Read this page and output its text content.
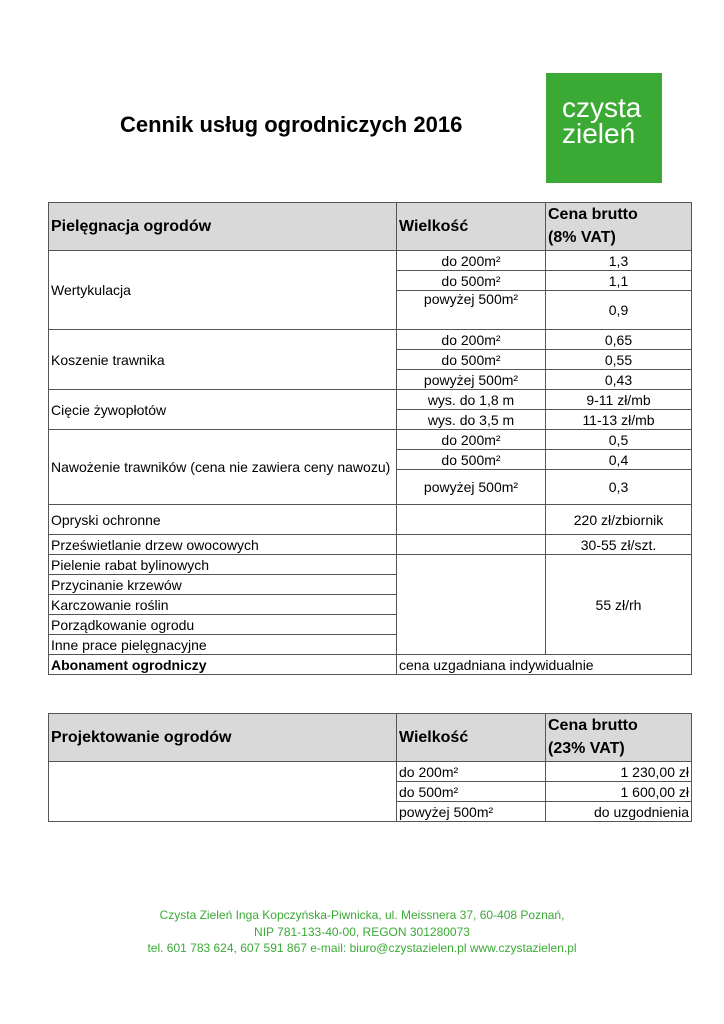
Cennik usług ogrodniczych 2016
czysta
zieleń
Pielęgnacja ogrodów	Wielkość	Cena brutto
(8% VAT)

Wertykulacja	do 200m²	1,3
	do 500m²	1,1
	powyżej 500m²	0,9
Koszenie trawnika	do 200m²	0,65
	do 500m²	0,55
	powyżej 500m²	0,43
Cięcie żywopłotów	wys. do 1,8 m	9-11 zł/mb
	wys. do 3,5 m	11-13 zł/mb
Nawożenie trawników (cena nie zawiera ceny nawozu)	do 200m²	0,5
	do 500m²	0,4
	powyżej 500m²	0,3
Opryski ochronne		220 zł/zbiornik
Prześwietlanie drzew owocowych		30-55 zł/szt.
Pielenie rabat bylinowych		55 zł/rh
Przycinanie krzewów		
Karczowanie roślin		
Porządkowanie ogrodu		
Inne prace pielęgnacyjne		
Abonament ogrodniczy	cena uzgadniana indywidualnie	
Projektowanie ogrodów	Wielkość	Cena brutto
(23% VAT)

	do 200m²	1 230,00 zł
	do 500m²	1 600,00 zł
	powyżej 500m²	do uzgodnienia
Czysta Zieleń Inga Kopczyńska-Piwnicka, ul. Meissnera 37, 60-408 Poznań,
NIP 781-133-40-00, REGON 301280073
tel. 601 783 624, 607 591 867 e-mail: biuro@czystazielen.pl www.czystazielen.pl
